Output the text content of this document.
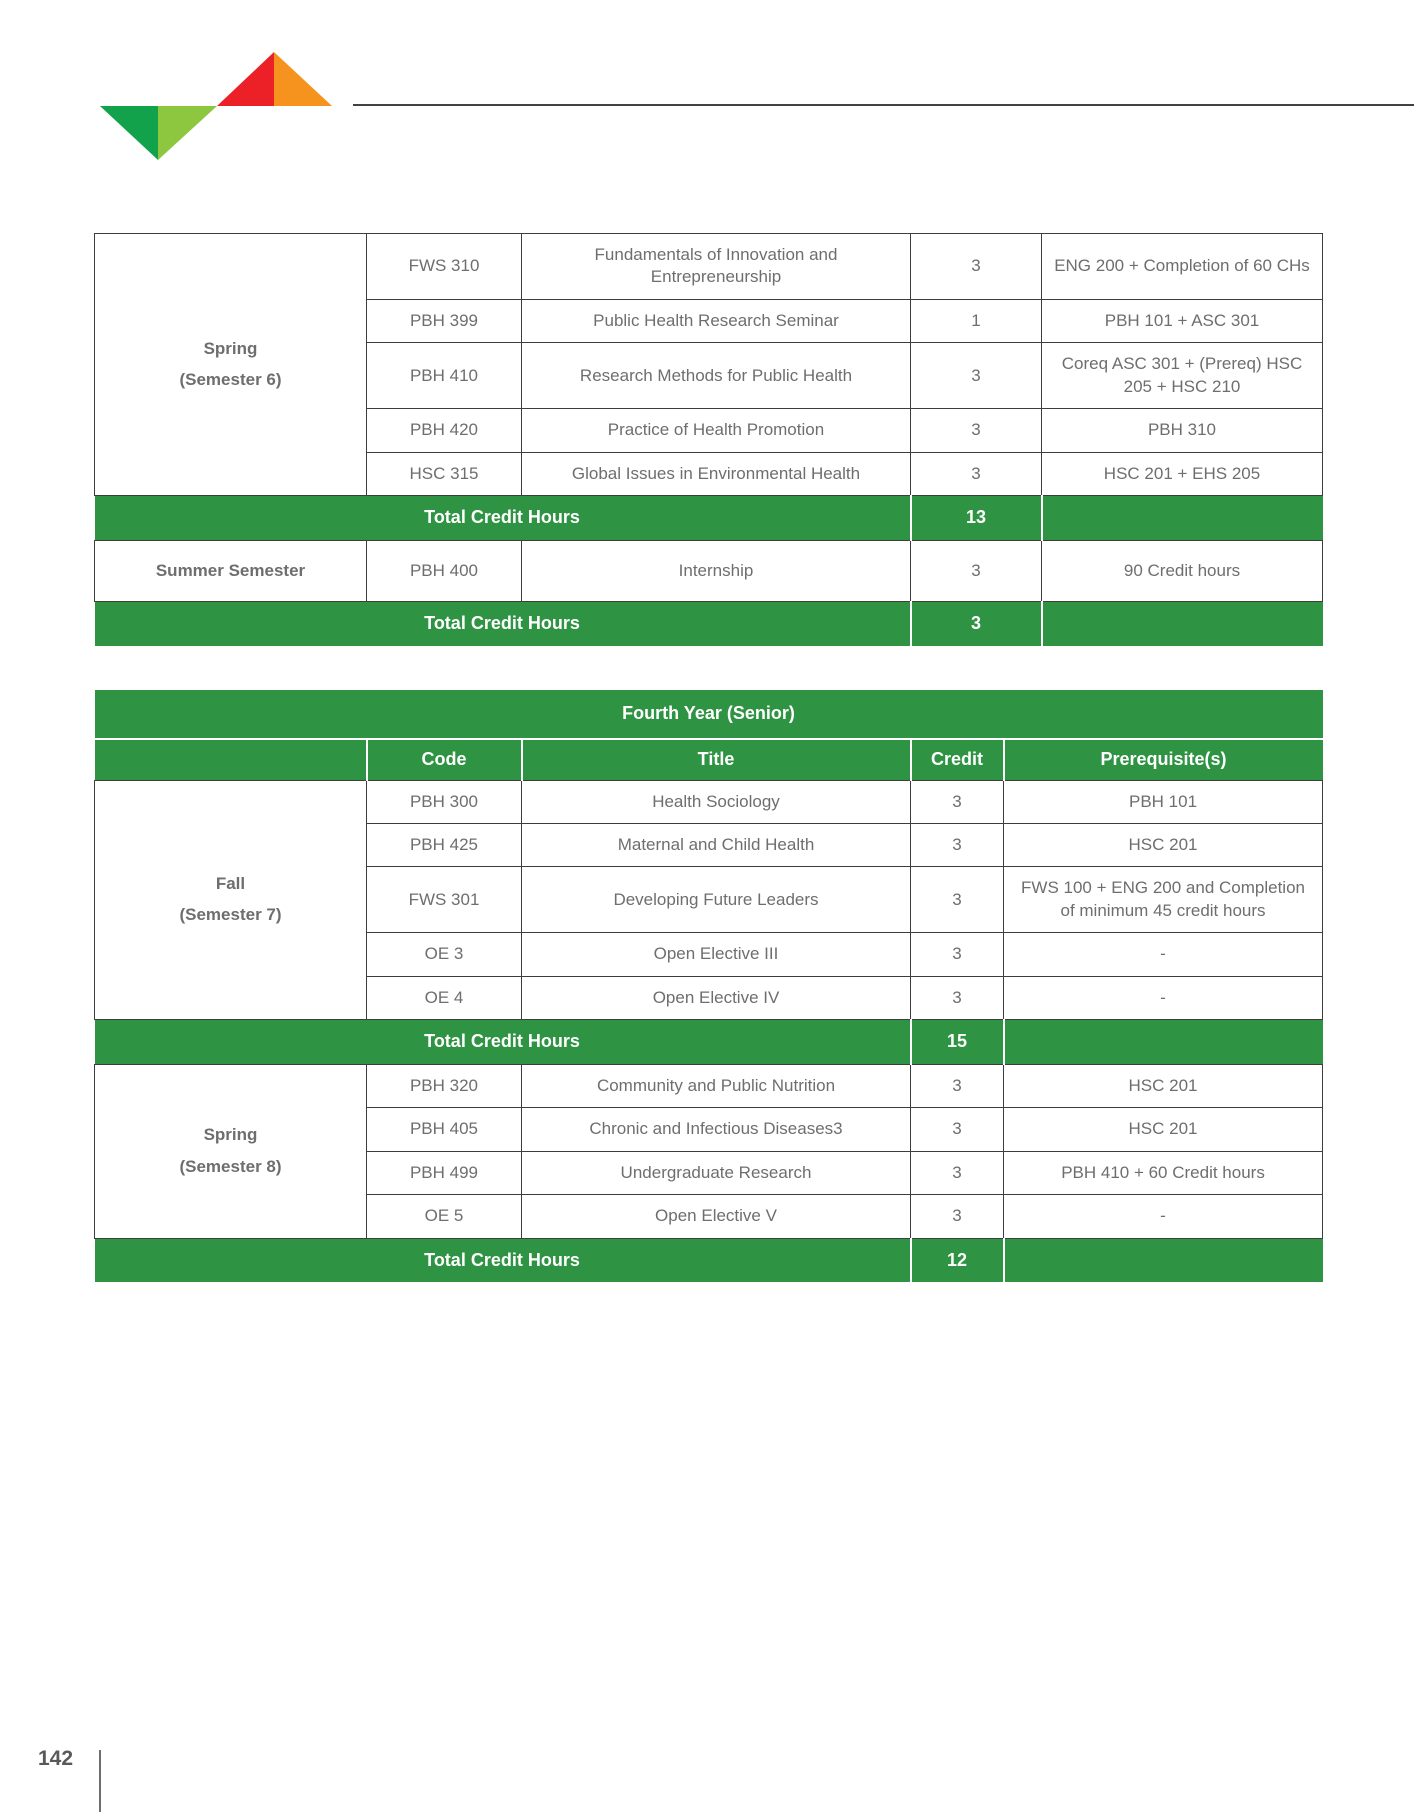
Spring
(Semester 6)	FWS 310	Fundamentals of Innovation and Entrepreneurship	3	ENG 200 + Completion of 60 CHs
	PBH 399	Public Health Research Seminar	1	PBH 101 + ASC 301
	PBH 410	Research Methods for Public Health	3	Coreq ASC 301 + (Prereq) HSC 205 + HSC 210
	PBH 420	Practice of Health Promotion	3	PBH 310
	HSC 315	Global Issues in Environmental Health	3	HSC 201 + EHS 205
Total Credit Hours			13	

Summer Semester	PBH 400	Internship	3	90 Credit hours
Total Credit Hours			3	
Fourth Year (Senior)				
	Code	Title	Credit	Prerequisite(s)

Fall
(Semester 7)	PBH 300	Health Sociology	3	PBH 101
	PBH 425	Maternal and Child Health	3	HSC 201
	FWS 301	Developing Future Leaders	3	FWS 100 + ENG 200 and Completion of minimum 45 credit hours
	OE 3	Open Elective III	3	-
	OE 4	Open Elective IV	3	-
Total Credit Hours			15	

Spring
(Semester 8)	PBH 320	Community and Public Nutrition	3	HSC 201
	PBH 405	Chronic and Infectious Diseases3	3	HSC 201
	PBH 499	Undergraduate Research	3	PBH 410 + 60 Credit hours
	OE 5	Open Elective V	3	-
Total Credit Hours			12	
142
